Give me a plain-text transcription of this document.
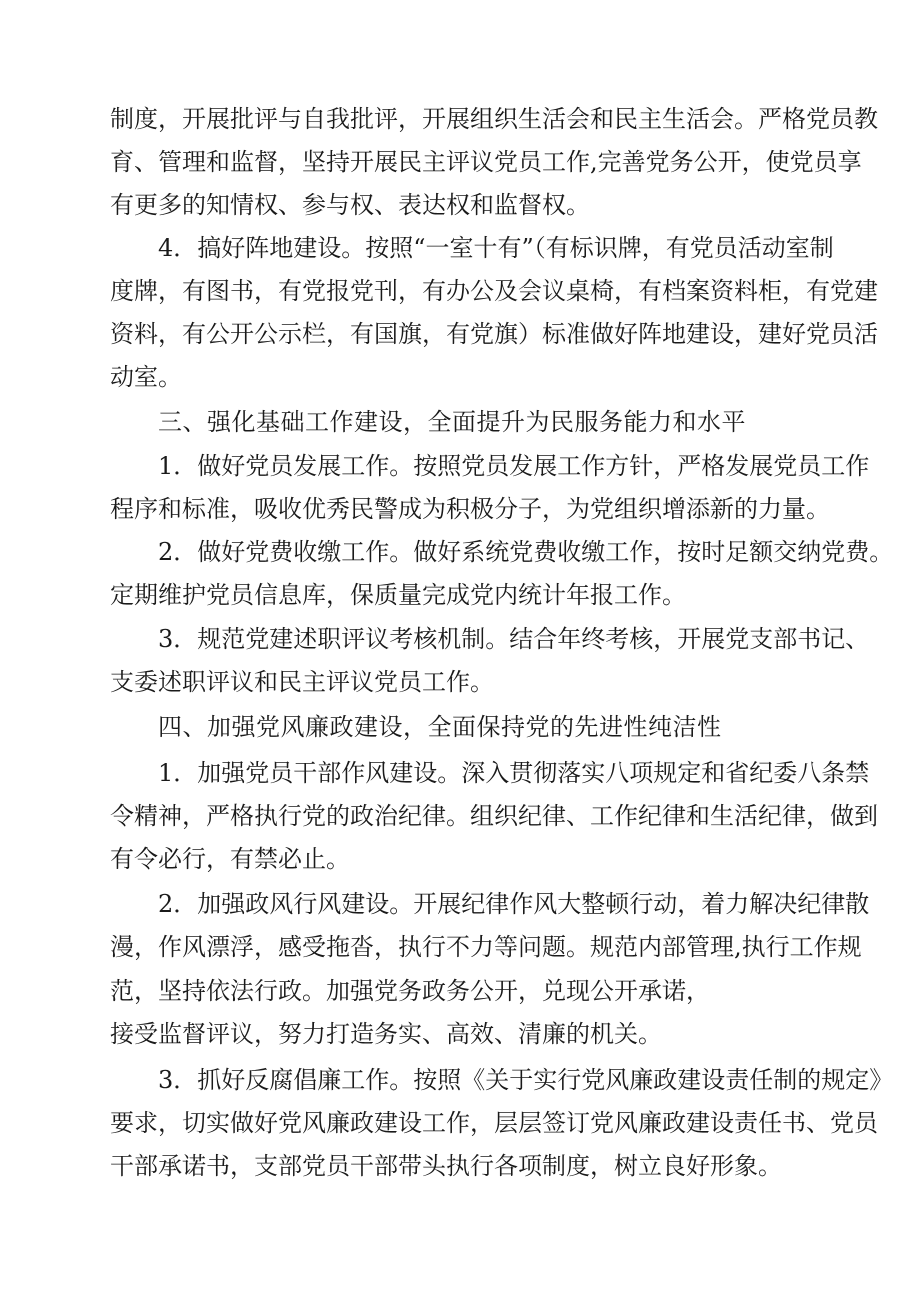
制度，开展批评与自我批评，开展组织生活会和民主生活会。严格党员教
育、管理和监督，坚持开展民主评议党员工作,完善党务公开，使党员享
有更多的知情权、参与权、表达权和监督权。
4．搞好阵地建设。按照“一室十有”（有标识牌，有党员活动室制
度牌，有图书，有党报党刊，有办公及会议桌椅，有档案资料柜，有党建
资料，有公开公示栏，有国旗，有党旗）标准做好阵地建设，建好党员活
动室。
三、强化基础工作建设，全面提升为民服务能力和水平
1．做好党员发展工作。按照党员发展工作方针，严格发展党员工作
程序和标准，吸收优秀民警成为积极分子，为党组织增添新的力量。
2．做好党费收缴工作。做好系统党费收缴工作，按时足额交纳党费。
定期维护党员信息库，保质量完成党内统计年报工作。
3．规范党建述职评议考核机制。结合年终考核，开展党支部书记、
支委述职评议和民主评议党员工作。
四、加强党风廉政建设，全面保持党的先进性纯洁性
1．加强党员干部作风建设。深入贯彻落实八项规定和省纪委八条禁
令精神，严格执行党的政治纪律。组织纪律、工作纪律和生活纪律，做到
有令必行，有禁必止。
2．加强政风行风建设。开展纪律作风大整顿行动，着力解决纪律散
漫，作风漂浮，感受拖沓，执行不力等问题。规范内部管理,执行工作规
范，坚持依法行政。加强党务政务公开，兑现公开承诺，
接受监督评议，努力打造务实、高效、清廉的机关。
3．抓好反腐倡廉工作。按照《关于实行党风廉政建设责任制的规定》
要求，切实做好党风廉政建设工作，层层签订党风廉政建设责任书、党员
干部承诺书，支部党员干部带头执行各项制度，树立良好形象。
